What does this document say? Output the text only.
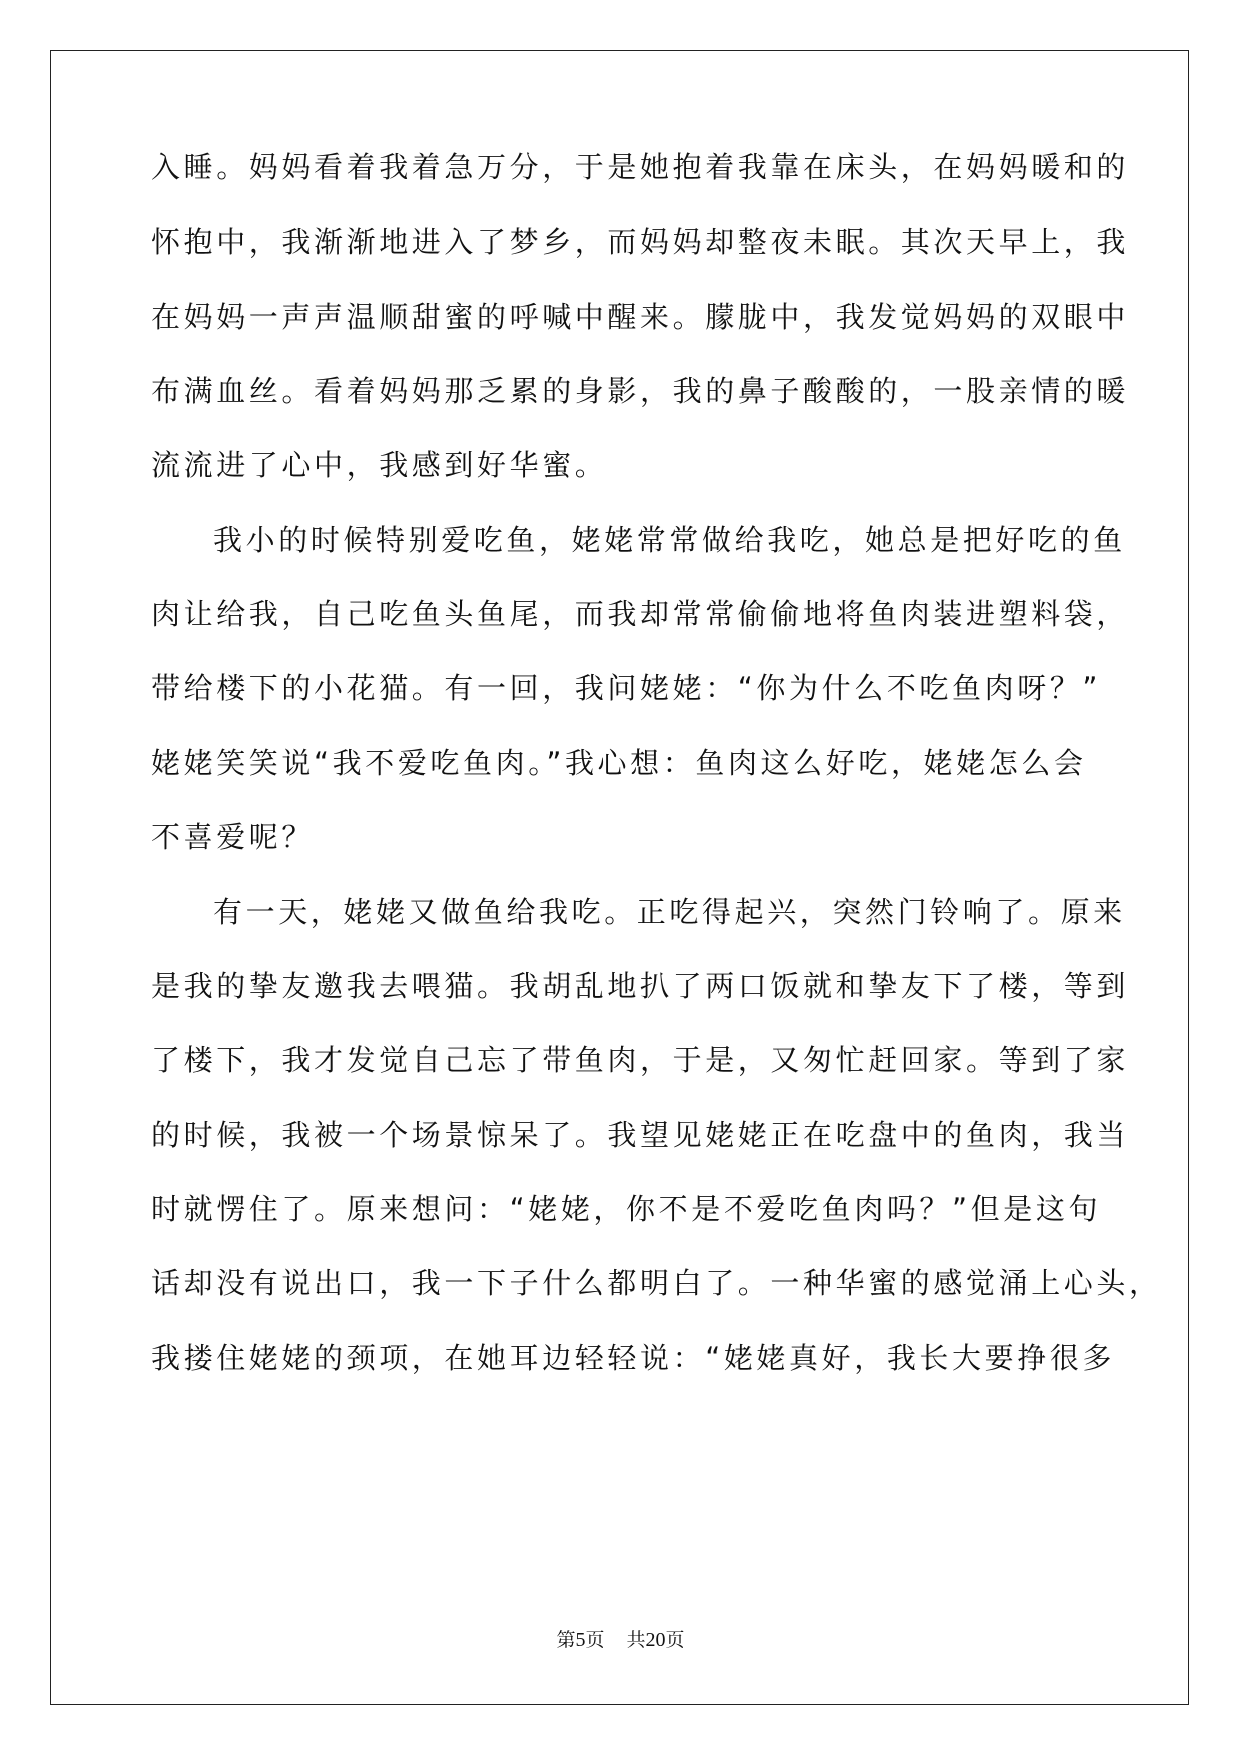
入睡。妈妈看着我着急万分，于是她抱着我靠在床头，在妈妈暖和的
怀抱中，我渐渐地进入了梦乡，而妈妈却整夜未眠。其次天早上，我
在妈妈一声声温顺甜蜜的呼喊中醒来。朦胧中，我发觉妈妈的双眼中
布满血丝。看着妈妈那乏累的身影，我的鼻子酸酸的，一股亲情的暖
流流进了心中，我感到好华蜜。
我小的时候特别爱吃鱼，姥姥常常做给我吃，她总是把好吃的鱼
肉让给我，自己吃鱼头鱼尾，而我却常常偷偷地将鱼肉装进塑料袋，
带给楼下的小花猫。有一回，我问姥姥：“你为什么不吃鱼肉呀？”
姥姥笑笑说“我不爱吃鱼肉。”我心想：鱼肉这么好吃，姥姥怎么会
不喜爱呢？
有一天，姥姥又做鱼给我吃。正吃得起兴，突然门铃响了。原来
是我的挚友邀我去喂猫。我胡乱地扒了两口饭就和挚友下了楼，等到
了楼下，我才发觉自己忘了带鱼肉，于是，又匆忙赶回家。等到了家
的时候，我被一个场景惊呆了。我望见姥姥正在吃盘中的鱼肉，我当
时就愣住了。原来想问：“姥姥，你不是不爱吃鱼肉吗？”但是这句
话却没有说出口，我一下子什么都明白了。一种华蜜的感觉涌上心头，
我搂住姥姥的颈项，在她耳边轻轻说：“姥姥真好，我长大要挣很多
第5页 共20页
